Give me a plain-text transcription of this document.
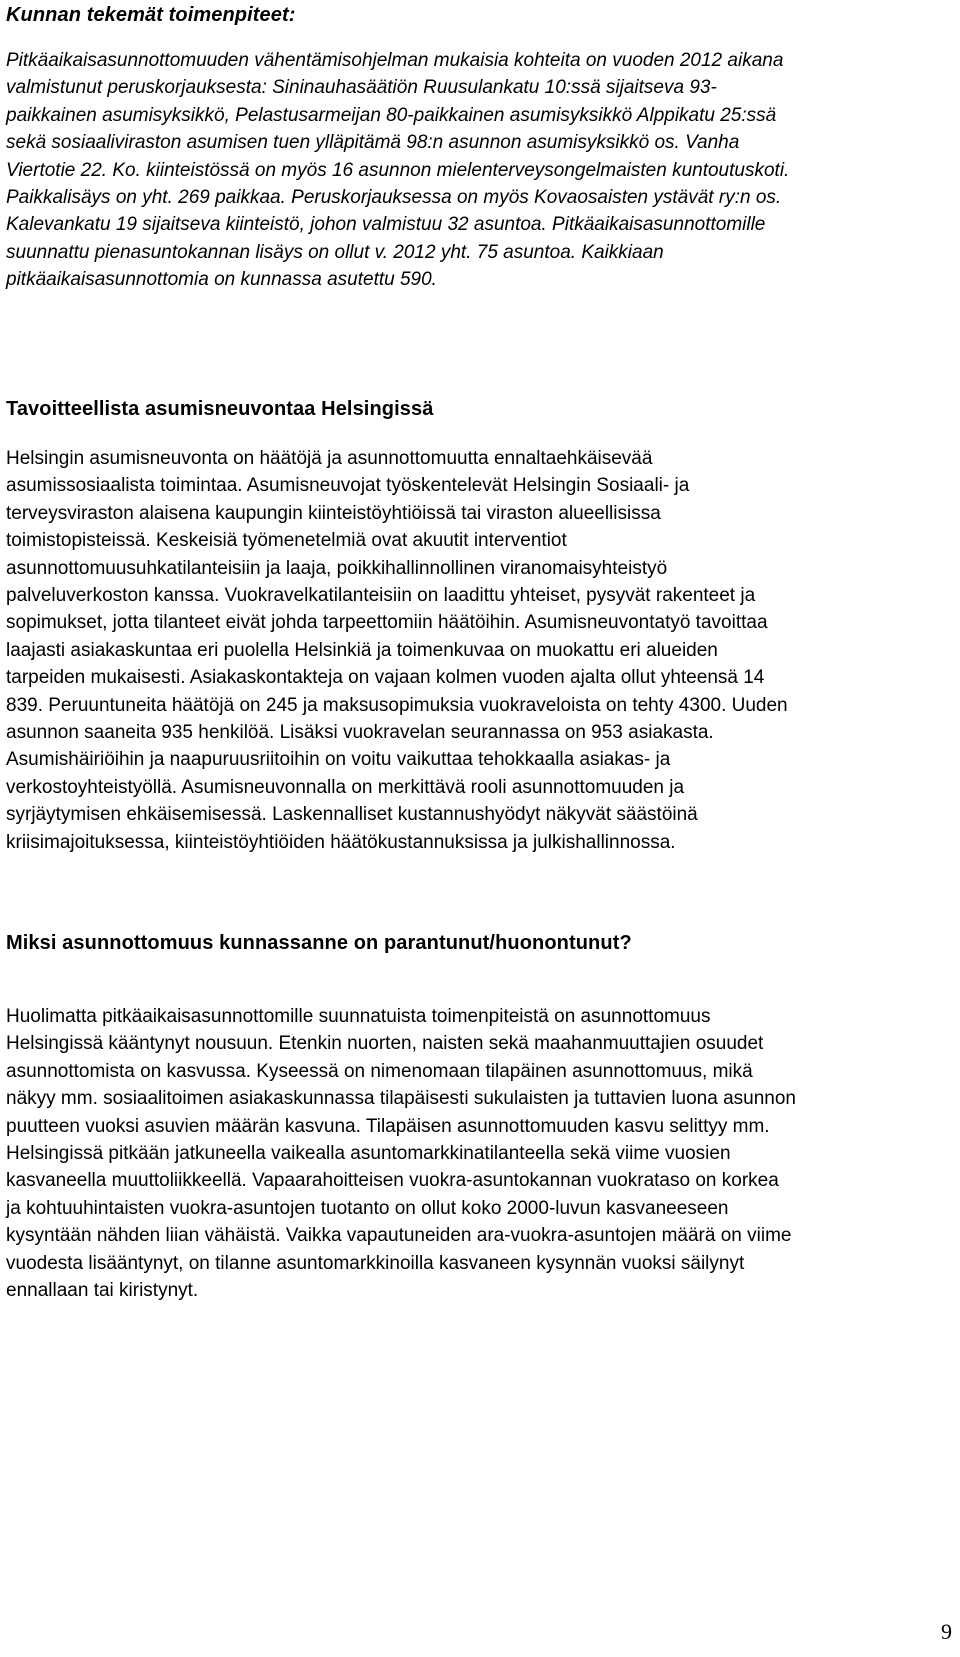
Kunnan tekemät toimenpiteet:

Pitkäaikaisasunnottomuuden vähentämisohjelman mukaisia kohteita on vuoden 2012 aikana valmistunut peruskorjauksesta: Sininauhasäätiön Ruusulankatu 10:ssä sijaitseva 93-paikkainen asumisyksikkö, Pelastusarmeijan 80-paikkainen asumisyksikkö Alppikatu 25:ssä sekä sosiaaliviraston asumisen tuen ylläpitämä 98:n asunnon asumisyksikkö os. Vanha Viertotie 22. Ko. kiinteistössä on myös 16 asunnon mielenterveysongelmaisten kuntoutuskoti. Paikkalisäys on yht. 269 paikkaa. Peruskorjauksessa on myös Kovaosaisten ystävät ry:n os. Kalevankatu 19 sijaitseva kiinteistö, johon valmistuu 32 asuntoa. Pitkäaikaisasunnottomille suunnattu pienasuntokannan lisäys on ollut v. 2012 yht. 75 asuntoa. Kaikkiaan pitkäaikaisasunnottomia on kunnassa asutettu 590.

Tavoitteellista asumisneuvontaa Helsingissä

Helsingin asumisneuvonta on häätöjä ja asunnottomuutta ennaltaehkäisevää asumissosiaalista toimintaa. Asumisneuvojat työskentelevät Helsingin Sosiaali- ja terveysviraston alaisena kaupungin kiinteistöyhtiöissä tai viraston alueellisissa toimistopisteissä. Keskeisiä työmenetelmiä ovat akuutit interventiot asunnottomuusuhkatilanteisiin ja laaja, poikkihallinnollinen viranomaisyhteistyö palveluverkoston kanssa. Vuokravelkatilanteisiin on laadittu yhteiset, pysyvät rakenteet ja sopimukset, jotta tilanteet eivät johda tarpeettomiin häätöihin. Asumisneuvontatyö tavoittaa laajasti asiakaskuntaa eri puolella Helsinkiä ja toimenkuvaa on muokattu eri alueiden tarpeiden mukaisesti. Asiakaskontakteja on vajaan kolmen vuoden ajalta ollut yhteensä 14 839. Peruuntuneita häätöjä on 245 ja maksusopimuksia vuokraveloista on tehty 4300. Uuden asunnon saaneita 935 henkilöä. Lisäksi vuokravelan seurannassa on 953 asiakasta. Asumishäiriöihin ja naapuruusriitoihin on voitu vaikuttaa tehokkaalla asiakas- ja verkostoyhteistyöllä. Asumisneuvonnalla on merkittävä rooli asunnottomuuden ja syrjäytymisen ehkäisemisessä. Laskennalliset kustannushyödyt näkyvät säästöinä kriisimajoituksessa, kiinteistöyhtiöiden häätökustannuksissa ja julkishallinnossa.

Miksi asunnottomuus kunnassanne on parantunut/huonontunut?

Huolimatta pitkäaikaisasunnottomille suunnatuista toimenpiteistä on asunnottomuus Helsingissä kääntynyt nousuun. Etenkin nuorten, naisten sekä maahanmuuttajien osuudet asunnottomista on kasvussa. Kyseessä on nimenomaan tilapäinen asunnottomuus, mikä näkyy mm. sosiaalitoimen asiakaskunnassa tilapäisesti sukulaisten ja tuttavien luona asunnon puutteen vuoksi asuvien määrän kasvuna. Tilapäisen asunnottomuuden kasvu selittyy mm. Helsingissä pitkään jatkuneella vaikealla asuntomarkkinatilanteella sekä viime vuosien kasvaneella muuttoliikkeellä. Vapaarahoitteisen vuokra-asuntokannan vuokrataso on korkea ja kohtuuhintaisten vuokra-asuntojen tuotanto on ollut koko 2000-luvun kasvaneeseen kysyntään nähden liian vähäistä. Vaikka vapautuneiden ara-vuokra-asuntojen määrä on viime vuodesta lisääntynyt, on tilanne asuntomarkkinoilla kasvaneen kysynnän vuoksi säilynyt ennallaan tai kiristynyt.

9
